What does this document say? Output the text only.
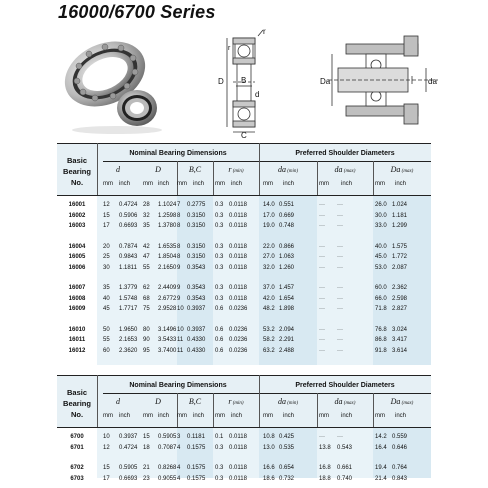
16000/6700 Series
r
r
D B
d
C
Da	da
Basic Bearing No.
Nominal Bearing Dimensions	Preferred Shoulder Diameters
d	D	B,C	r (min)	da (min)	da (max)	Da (max)
mm	inch	mm inch	mm	inch	mm	inch	mm	inch	mm	inch	mm	inch
16001	12 0.4724 28 1.1024 7 0.2775 0.3 0.0118	14.0 0.551	··· ···	26.0 1.024
16002	15 0.5906 32 1.2598 8 0.3150 0.3 0.0118	17.0 0.669	··· ···	30.0 1.181
16003	17 0.6693 35 1.3780 8 0.3150 0.3 0.0118	19.0 0.748	··· ···	33.0 1.299
16004	20 0.7874 42 1.6535 8 0.3150 0.3 0.0118	22.0 0.866	··· ···	40.0 1.575
16005	25 0.9843 47 1.8504 8 0.3150 0.3 0.0118	27.0 1.063	··· ···	45.0 1.772
16006	30 1.1811 55 2.1650 9 0.3543 0.3 0.0118	32.0 1.260	··· ···	53.0 2.087
16007	35 1.3779 62 2.4409 9 0.3543 0.3 0.0118	37.0 1.457	··· ···	60.0 2.362
16008	40 1.5748 68 2.6772 9 0.3543 0.3 0.0118	42.0 1.654	··· ···	66.0 2.598
16009	45 1.7717 75 2.9528 10 0.3937 0.6 0.0236	48.2 1.898	··· ···	71.8 2.827
16010	50 1.9650 80 3.1496 10 0.3937 0.6 0.0236	53.2 2.094	··· ···	76.8 3.024
16011	55 2.1653 90 3.5433 11 0.4330 0.6 0.0236	58.2 2.291	··· ···	86.8 3.417
16012	60 2.3620 95 3.7400 11 0.4330 0.6 0.0236	63.2 2.488	··· ···	91.8 3.614
Basic Bearing No.
Nominal Bearing Dimensions	Preferred Shoulder Diameters
d	D	B,C	r (min)	da (min)	da (max)	Da (max)
mm	inch	mm inch	mm	inch	mm	inch	mm	inch	mm	inch	mm	inch
6700	10 0.3937 15 0.5905 3 0.1181 0.1 0.0118	10.8 0.425	··· ···	14.2 0.559
6701	12 0.4724 18 0.7087 4 0.1575 0.3 0.0118	13.0 0.535	13.8 0.543	16.4 0.646
6702	15 0.5905 21 0.8268 4 0.1575 0.3 0.0118	16.6 0.654	16.8 0.661	19.4 0.764
6703	17 0.6693 23 0.9055 4 0.1575 0.3 0.0118	18.6 0.732	18.8 0.740	21.4 0.843
